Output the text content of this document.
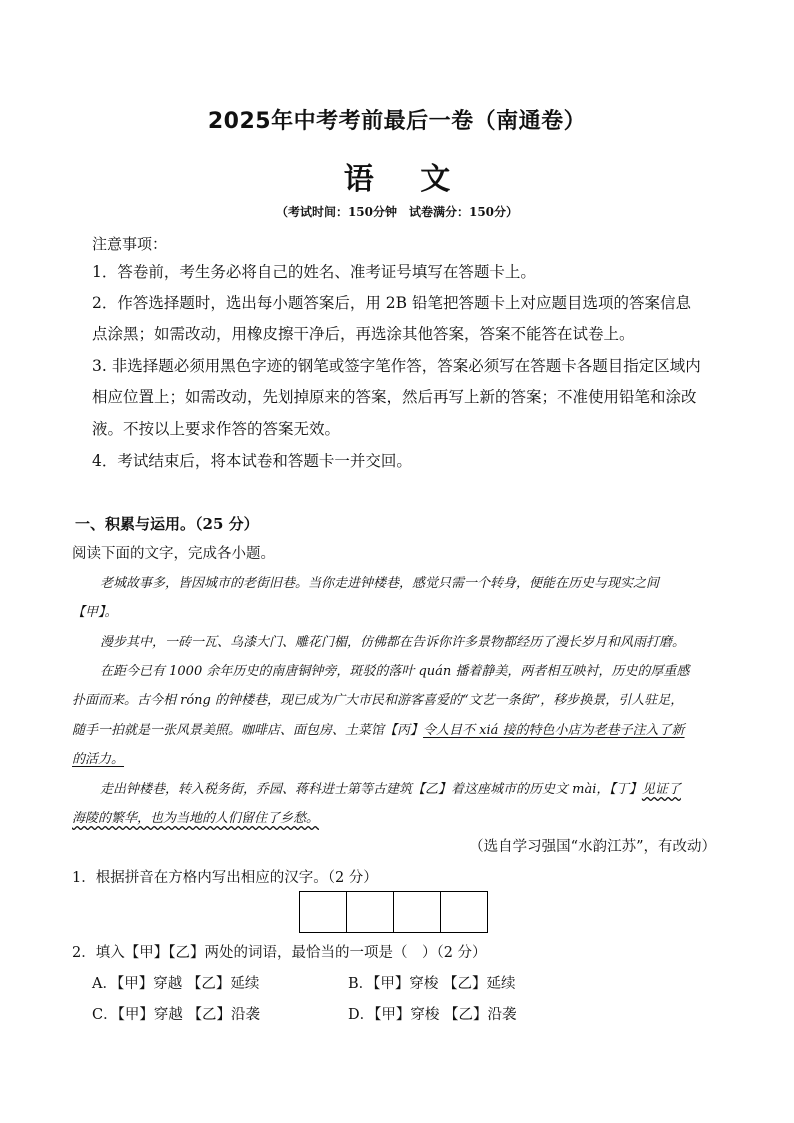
2025年中考考前最后一卷（南通卷）
语 文
（考试时间：150分钟　试卷满分：150分）
注意事项：
1．答卷前，考生务必将自己的姓名、准考证号填写在答题卡上。
2．作答选择题时，选出每小题答案后，用 2B 铅笔把答题卡上对应题目选项的答案信息
点涂黑；如需改动，用橡皮擦干净后，再选涂其他答案，答案不能答在试卷上。
3. 非选择题必须用黑色字迹的钢笔或签字笔作答，答案必须写在答题卡各题目指定区域内
相应位置上；如需改动，先划掉原来的答案，然后再写上新的答案；不准使用铅笔和涂改
液。不按以上要求作答的答案无效。
4．考试结束后，将本试卷和答题卡一并交回。
一、积累与运用。（25 分）
阅读下面的文字，完成各小题。
老城故事多，皆因城市的老街旧巷。当你走进钟楼巷，感觉只需一个转身，便能在历史与现实之间
【甲】。
漫步其中，一砖一瓦、乌漆大门、雕花门楣，仿佛都在告诉你许多景物都经历了漫长岁月和风雨打磨。
在距今已有 1000 余年历史的南唐铜钟旁，斑驳的落叶 quán 播着静美，两者相互映衬，历史的厚重感
扑面而来。古今相 róng 的钟楼巷，现已成为广大市民和游客喜爱的“文艺一条街”，移步换景，引人驻足，
随手一拍就是一张风景美照。咖啡店、面包房、土菜馆【丙】令人目不 xiá 接的特色小店为老巷子注入了新
的活力。
走出钟楼巷，转入税务街，乔园、蒋科进士第等古建筑【乙】着这座城市的历史文 mài，【丁】见证了
海陵的繁华，也为当地的人们留住了乡愁。
（选自学习强国“水韵江苏”，有改动）
1．根据拼音在方格内写出相应的汉字。（2 分）
2．填入【甲】【乙】两处的词语，最恰当的一项是（　）（2 分）
A．【甲】穿越 【乙】延续	B．【甲】穿梭 【乙】延续
C．【甲】穿越 【乙】沿袭	D．【甲】穿梭 【乙】沿袭
